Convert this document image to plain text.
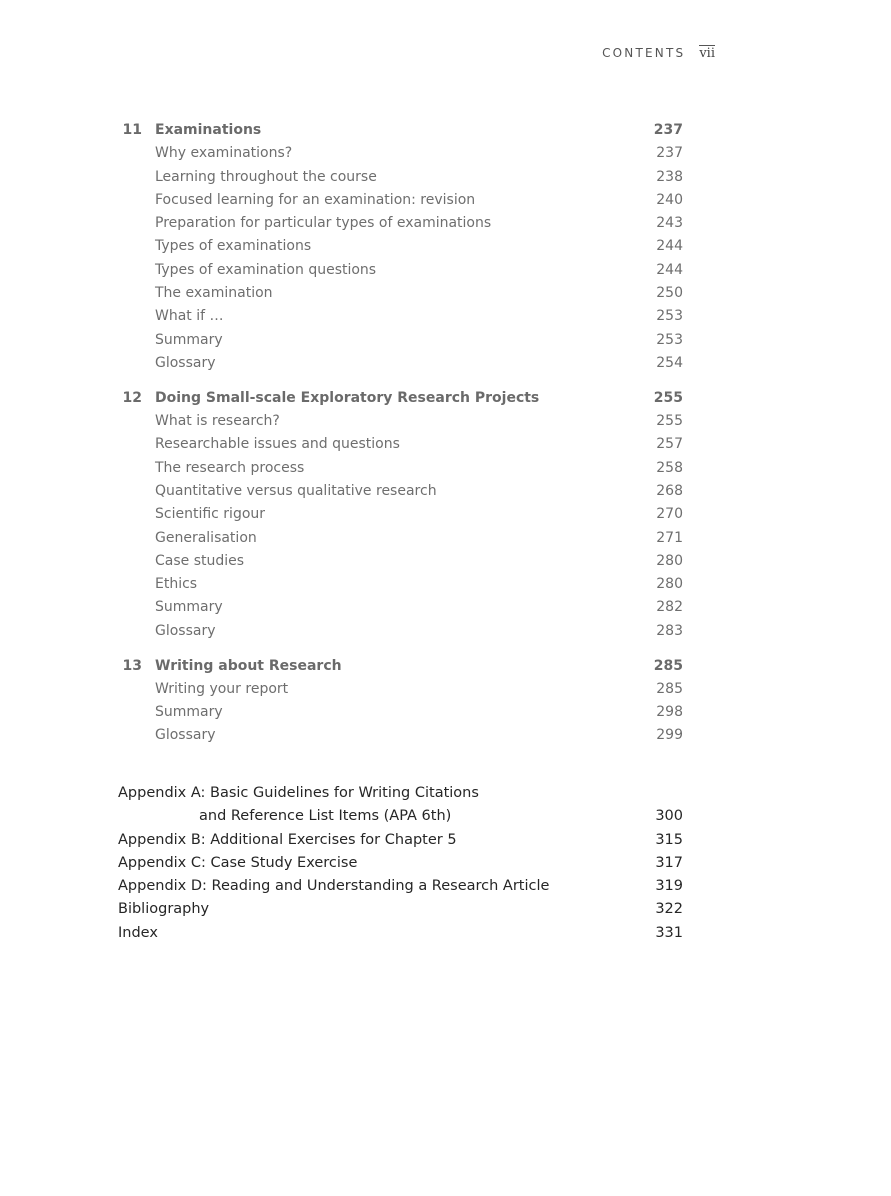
CONTENTS vii
11 Examinations	237
Why examinations?	237
Learning throughout the course	238
Focused learning for an examination: revision	240
Preparation for particular types of examinations	243
Types of examinations	244
Types of examination questions	244
The examination	250
What if …	253
Summary	253
Glossary	254
12 Doing Small-scale Exploratory Research Projects	255
What is research?	255
Researchable issues and questions	257
The research process	258
Quantitative versus qualitative research	268
Scientific rigour	270
Generalisation	271
Case studies	280
Ethics	280
Summary	282
Glossary	283
13 Writing about Research	285
Writing your report	285
Summary	298
Glossary	299
Appendix A: Basic Guidelines for Writing Citations
and Reference List Items (APA 6th)	300
Appendix B: Additional Exercises for Chapter 5	315
Appendix C: Case Study Exercise	317
Appendix D: Reading and Understanding a Research Article	319
Bibliography	322
Index	331
